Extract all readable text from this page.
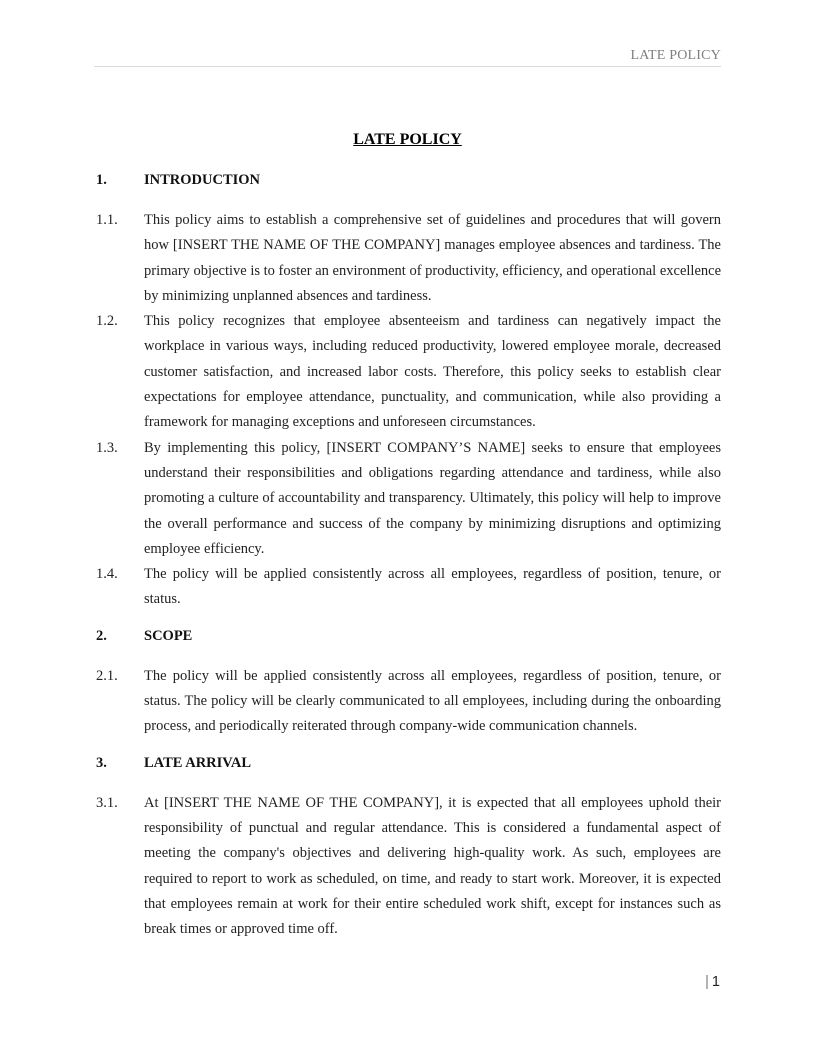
LATE POLICY
LATE POLICY
1.	INTRODUCTION
1.1.	This policy aims to establish a comprehensive set of guidelines and procedures that will govern how [INSERT THE NAME OF THE COMPANY] manages employee absences and tardiness. The primary objective is to foster an environment of productivity, efficiency, and operational excellence by minimizing unplanned absences and tardiness.
1.2.	This policy recognizes that employee absenteeism and tardiness can negatively impact the workplace in various ways, including reduced productivity, lowered employee morale, decreased customer satisfaction, and increased labor costs. Therefore, this policy seeks to establish clear expectations for employee attendance, punctuality, and communication, while also providing a framework for managing exceptions and unforeseen circumstances.
1.3.	By implementing this policy, [INSERT COMPANY’S NAME] seeks to ensure that employees understand their responsibilities and obligations regarding attendance and tardiness, while also promoting a culture of accountability and transparency. Ultimately, this policy will help to improve the overall performance and success of the company by minimizing disruptions and optimizing employee efficiency.
1.4.	The policy will be applied consistently across all employees, regardless of position, tenure, or status.
2.	SCOPE
2.1.	The policy will be applied consistently across all employees, regardless of position, tenure, or status. The policy will be clearly communicated to all employees, including during the onboarding process, and periodically reiterated through company-wide communication channels.
3.	LATE ARRIVAL
3.1.	At [INSERT THE NAME OF THE COMPANY], it is expected that all employees uphold their responsibility of punctual and regular attendance. This is considered a fundamental aspect of meeting the company's objectives and delivering high-quality work. As such, employees are required to report to work as scheduled, on time, and ready to start work. Moreover, it is expected that employees remain at work for their entire scheduled work shift, except for instances such as break times or approved time off.
| 1
